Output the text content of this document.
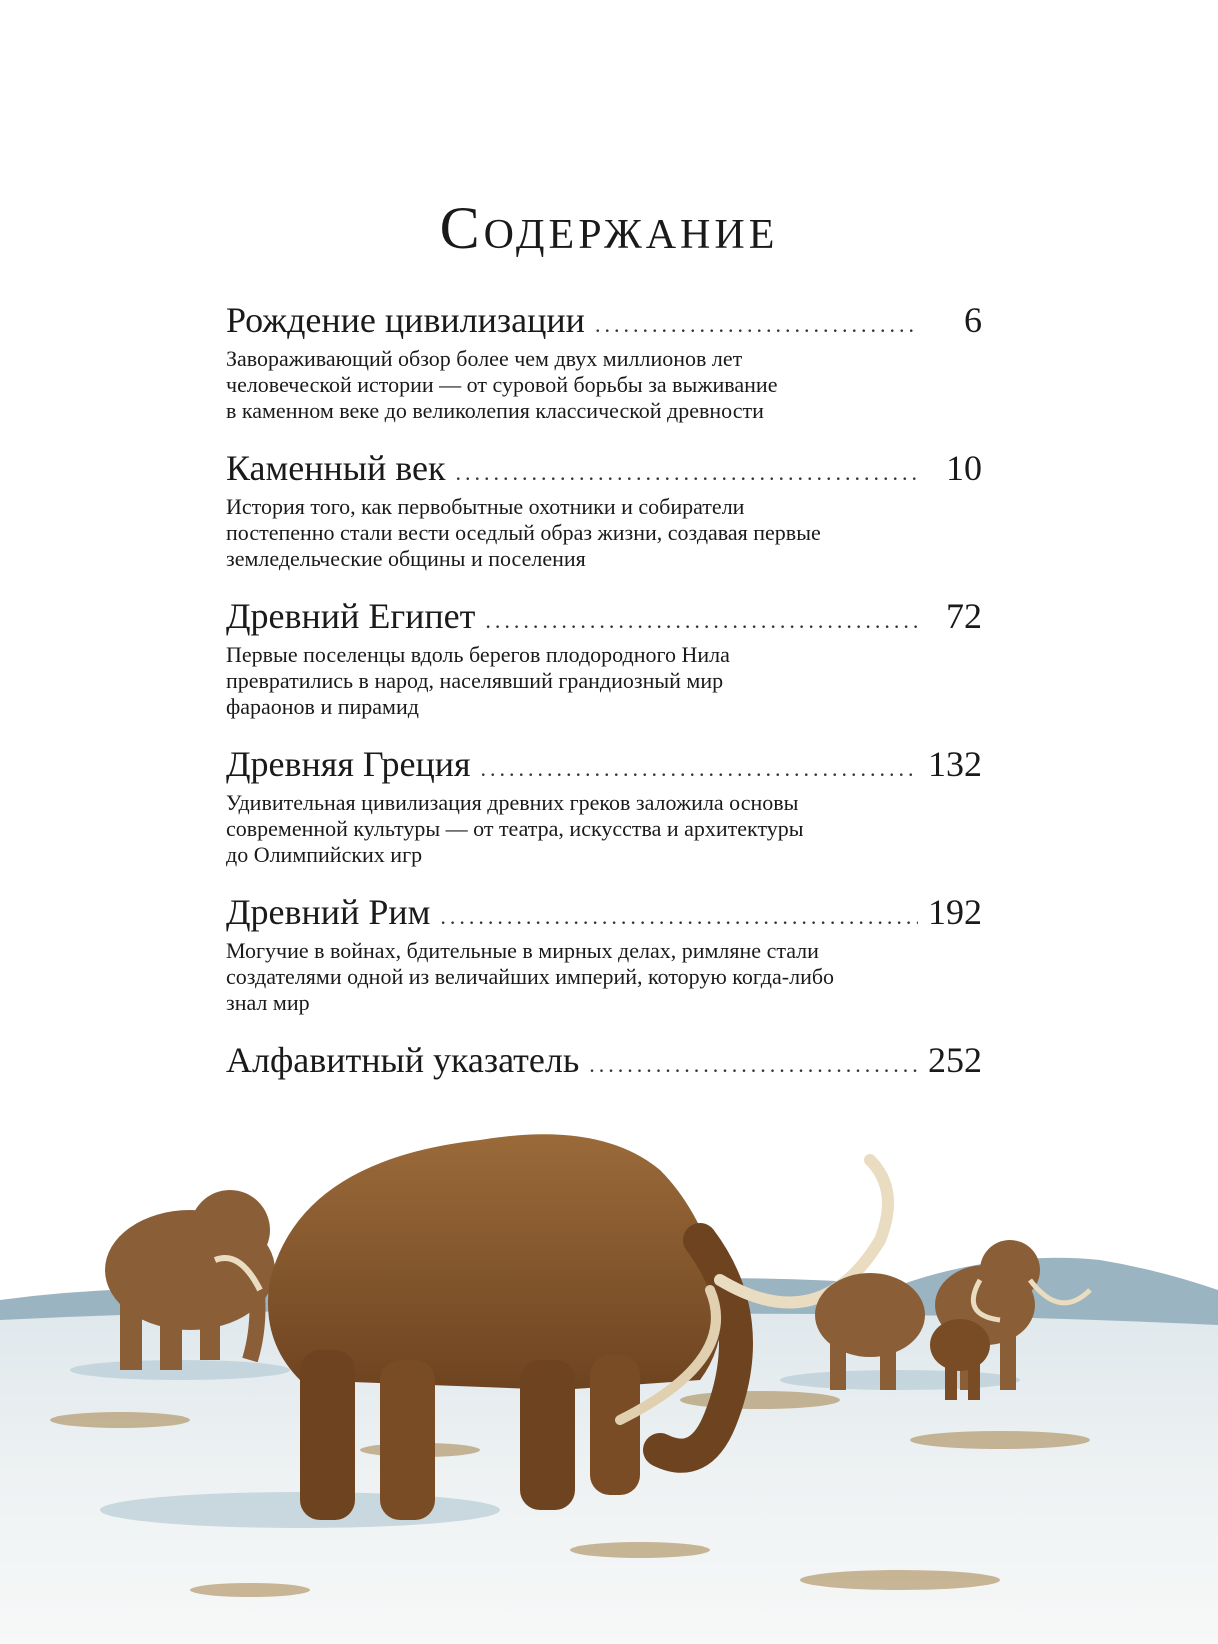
Содержание
Рождение цивилизации .....	6

Завораживающий обзор более чем двух миллионов лет

человеческой истории — от суровой борьбы за выживание

в каменном веке до великолепия классической древности

Каменный век .....	10

История того, как первобытные охотники и собиратели

постепенно стали вести оседлый образ жизни, создавая первые

земледельческие общины и поселения

Древний Египет .....	72

Первые поселенцы вдоль берегов плодородного Нила

превратились в народ, населявший грандиозный мир

фараонов и пирамид

Древняя Греция .....	132

Удивительная цивилизация древних греков заложила основы

современной культуры — от театра, искусства и архитектуры

до Олимпийских игр

Древний Рим .....	192

Могучие в войнах, бдительные в мирных делах, римляне стали

создателями одной из величайших империй, которую когда-либо

знал мир

Алфавитный указатель .....	252
